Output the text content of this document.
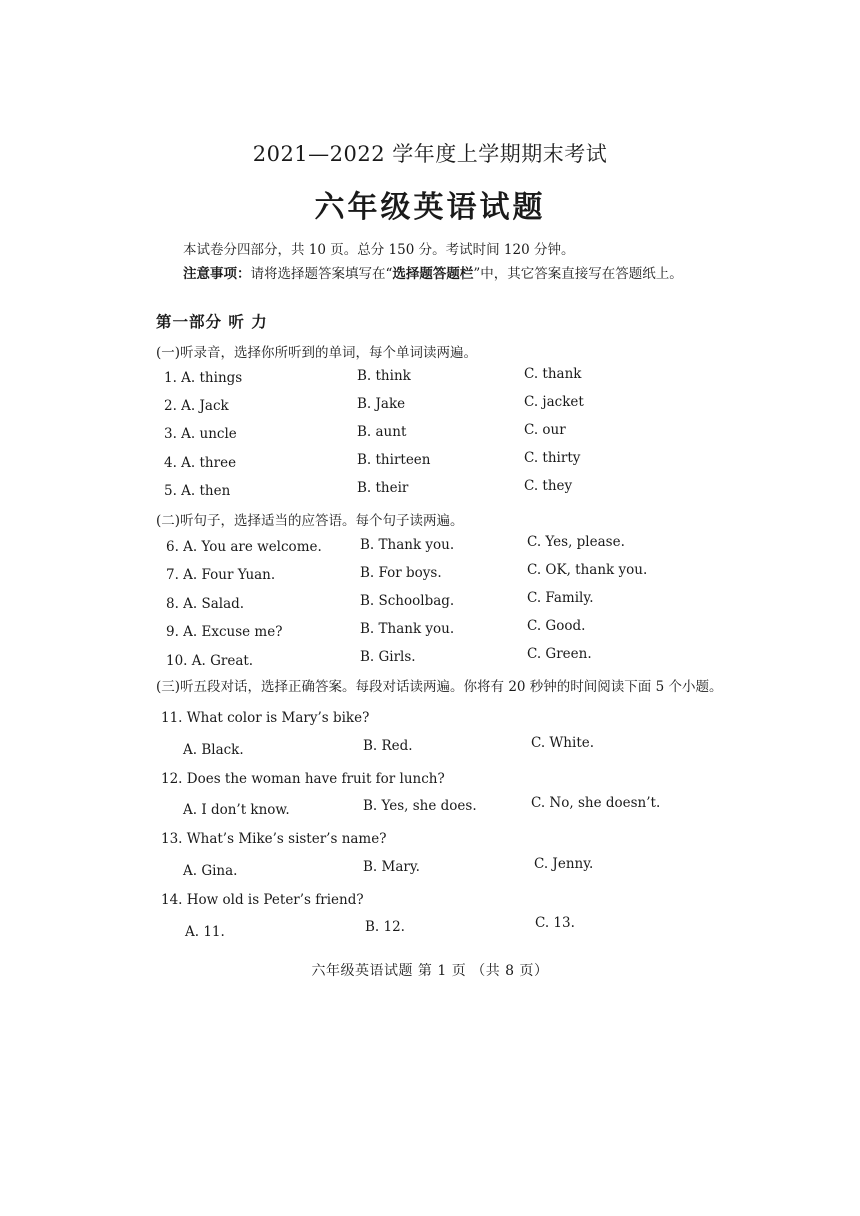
2021—2022 学年度上学期期末考试
六年级英语试题
本试卷分四部分，共 10 页。总分 150 分。考试时间 120 分钟。
注意事项：请将选择题答案填写在“选择题答题栏”中，其它答案直接写在答题纸上。
第一部分 听 力
(一)听录音，选择你所听到的单词，每个单词读两遍。
1. A. things	B. think	C. thank
2. A. Jack	B. Jake	C. jacket
3. A. uncle	B. aunt	C. our
4. A. three	B. thirteen	C. thirty
5. A. then	B. their	C. they
(二)听句子，选择适当的应答语。每个句子读两遍。
6. A. You are welcome.	B. Thank you.	C. Yes, please.
7. A. Four Yuan.	B. For boys.	C. OK, thank you.
8. A. Salad.	B. Schoolbag.	C. Family.
9. A. Excuse me?	B. Thank you.	C. Good.
10. A. Great.	B. Girls.	C. Green.
(三)听五段对话，选择正确答案。每段对话读两遍。你将有 20 秒钟的时间阅读下面 5 个小题。
11. What color is Mary’s bike?
A. Black.	B. Red.	C. White.
12. Does the woman have fruit for lunch?
A. I don’t know.	B. Yes, she does.	C. No, she doesn’t.
13. What’s Mike’s sister’s name?
A. Gina.	B. Mary.	C. Jenny.
14. How old is Peter’s friend?
A. 11.	B. 12.	C. 13.
六年级英语试题 第 1 页 （共 8 页）
